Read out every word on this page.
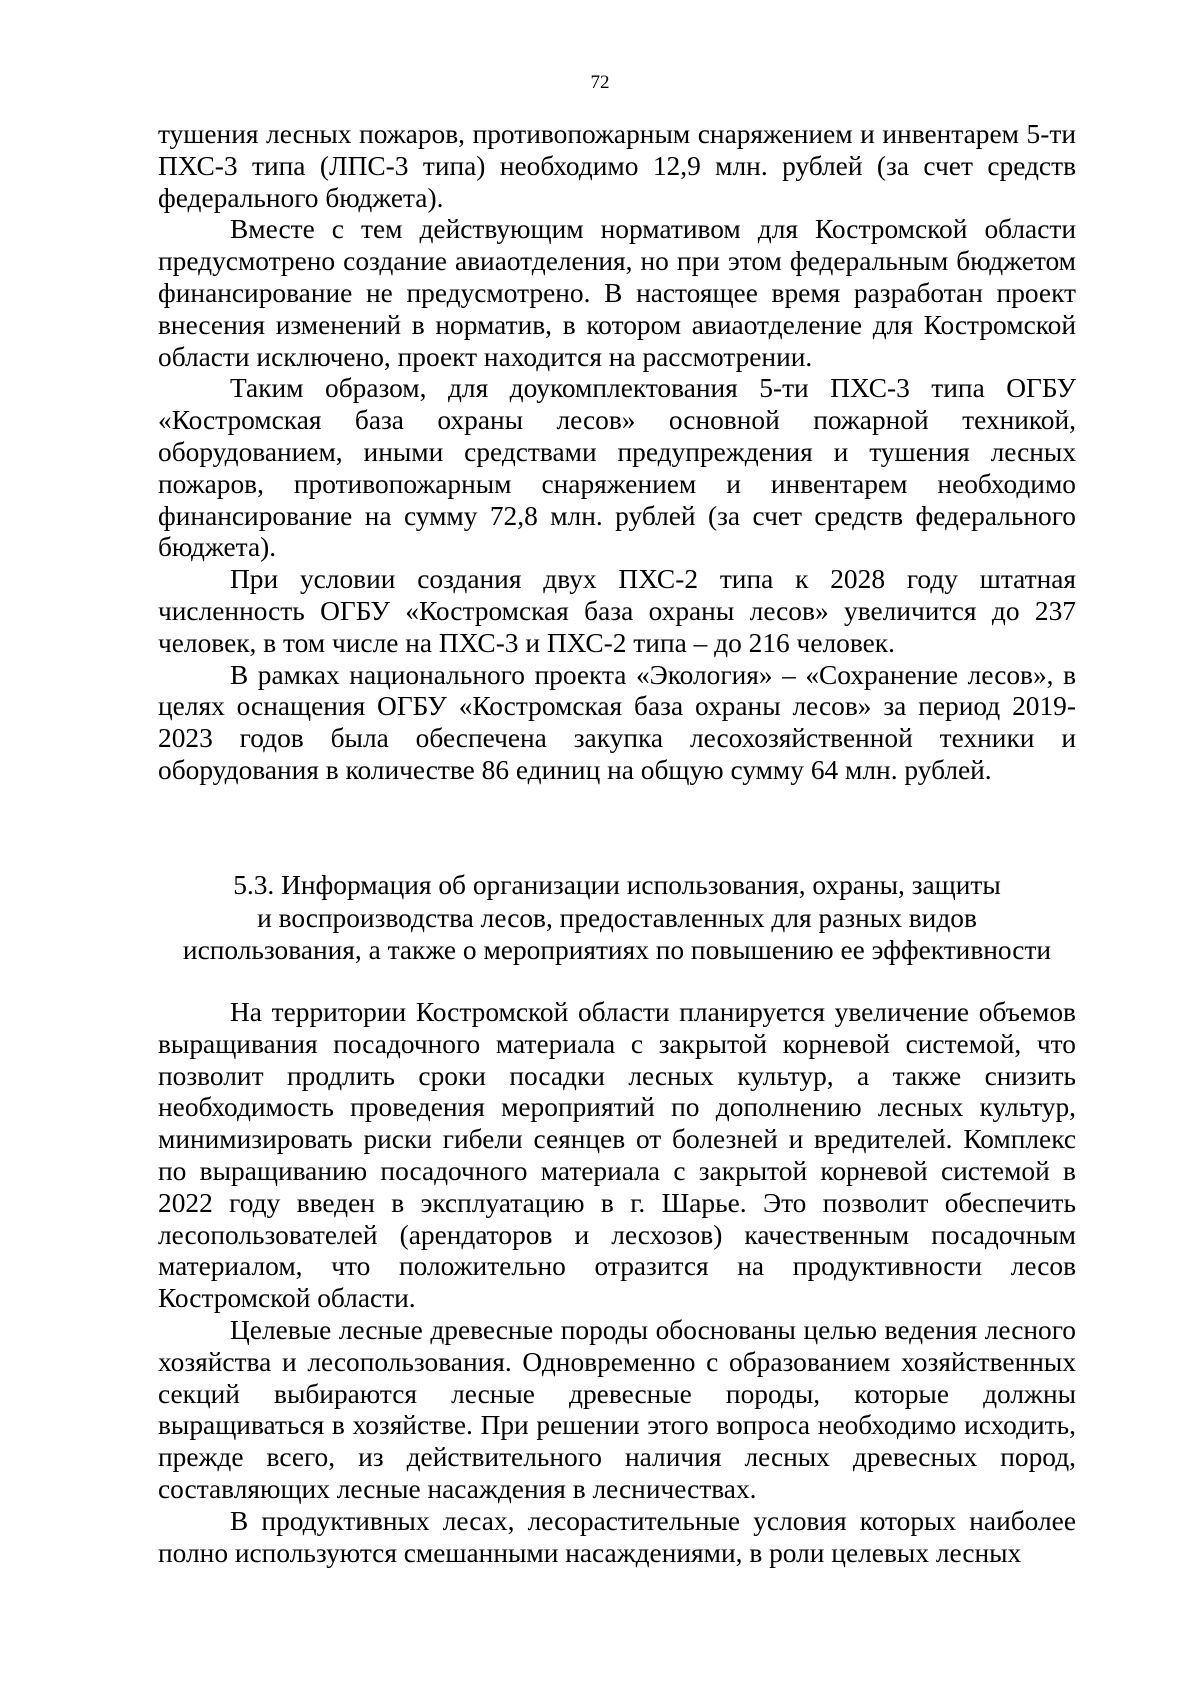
72

тушения лесных пожаров, противопожарным снаряжением и инвентарем 5-ти ПХС-3 типа (ЛПС-3 типа) необходимо 12,9 млн. рублей (за счет средств федерального бюджета).

Вместе с тем действующим нормативом для Костромской области предусмотрено создание авиаотделения, но при этом федеральным бюджетом финансирование не предусмотрено. В настоящее время разработан проект внесения изменений в норматив, в котором авиаотделение для Костромской области исключено, проект находится на рассмотрении.

Таким образом, для доукомплектования 5-ти ПХС-3 типа ОГБУ «Костромская база охраны лесов» основной пожарной техникой, оборудованием, иными средствами предупреждения и тушения лесных пожаров, противопожарным снаряжением и инвентарем необходимо финансирование на сумму 72,8 млн. рублей (за счет средств федерального бюджета).

При условии создания двух ПХС-2 типа к 2028 году штатная численность ОГБУ «Костромская база охраны лесов» увеличится до 237 человек, в том числе на ПХС-3 и ПХС-2 типа – до 216 человек.

В рамках национального проекта «Экология» – «Сохранение лесов», в целях оснащения ОГБУ «Костромская база охраны лесов» за период 2019-2023 годов была обеспечена закупка лесохозяйственной техники и оборудования в количестве 86 единиц на общую сумму 64 млн. рублей.

5.3. Информация об организации использования, охраны, защиты
и воспроизводства лесов, предоставленных для разных видов
использования, а также о мероприятиях по повышению ее эффективности

На территории Костромской области планируется увеличение объемов выращивания посадочного материала с закрытой корневой системой, что позволит продлить сроки посадки лесных культур, а также снизить необходимость проведения мероприятий по дополнению лесных культур, минимизировать риски гибели сеянцев от болезней и вредителей. Комплекс по выращиванию посадочного материала с закрытой корневой системой в 2022 году введен в эксплуатацию в г. Шарье. Это позволит обеспечить лесопользователей (арендаторов и лесхозов) качественным посадочным материалом, что положительно отразится на продуктивности лесов Костромской области.

Целевые лесные древесные породы обоснованы целью ведения лесного хозяйства и лесопользования. Одновременно с образованием хозяйственных секций выбираются лесные древесные породы, которые должны выращиваться в хозяйстве. При решении этого вопроса необходимо исходить, прежде всего, из действительного наличия лесных древесных пород, составляющих лесные насаждения в лесничествах.

В продуктивных лесах, лесорастительные условия которых наиболее полно используются смешанными насаждениями, в роли целевых лесных
